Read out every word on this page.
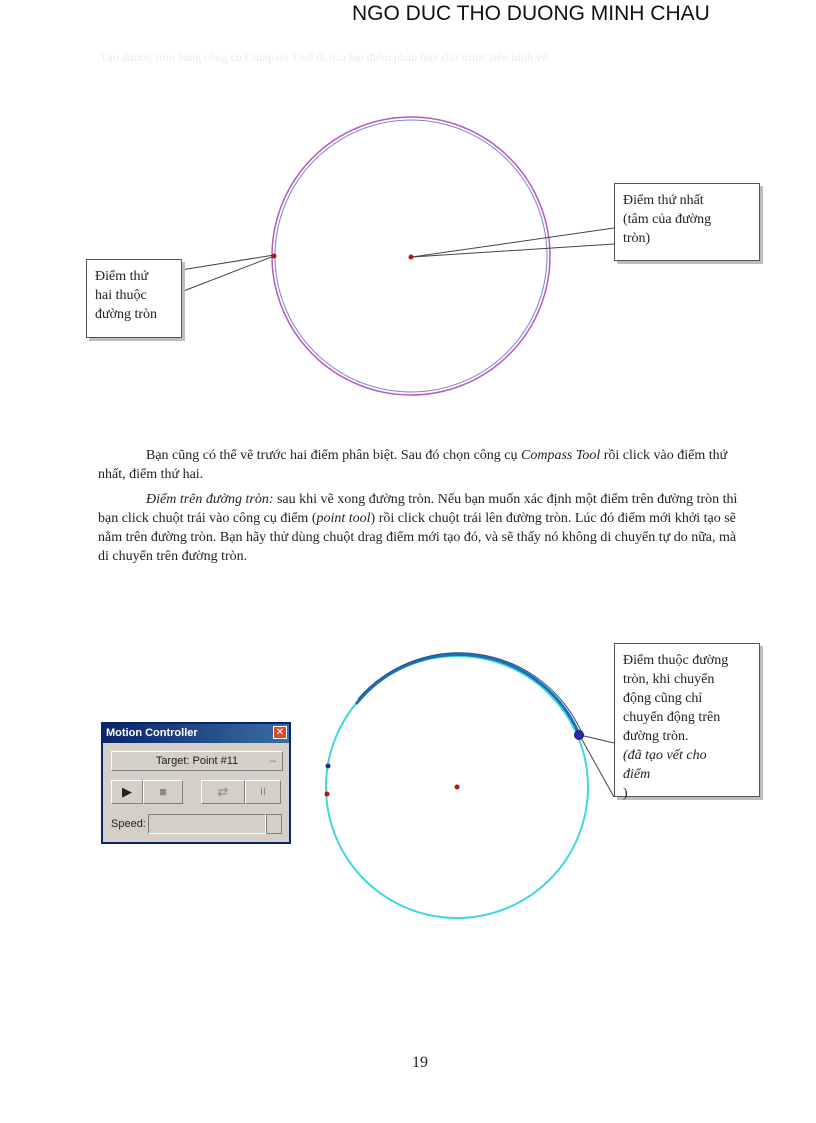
NGO DUC THO DUONG MINH CHAU
Tạo đường tròn bằng công cụ Compass Tool đi qua hai điểm phân biệt cho trước trên hình vẽ
Điểm thứ nhất
(tâm của đường
tròn)
Điểm thứ
hai thuộc
đường tròn

Bạn cũng có thể vẽ trước hai điểm phân biệt. Sau đó chọn công cụ Compass Tool rồi click vào điểm thứ nhất, điểm thứ hai.

Điểm trên đường tròn: sau khi vẽ xong đường tròn. Nếu bạn muốn xác định một điểm trên đường tròn thì bạn click chuột trái vào công cụ điểm (point tool) rồi click chuột trái lên đường tròn. Lúc đó điểm mới khởi tạo sẽ nằm trên đường tròn. Bạn hãy thử dùng chuột drag điểm mới tạo đó, và sẽ thấy nó không di chuyển tự do nữa, mà di chuyển trên đường tròn.

Điểm thuộc đường
tròn, khi chuyển
động cũng chỉ
chuyển động trên
đường tròn.
(đã tạo vết cho
điểm
)
Motion Controller	✕
Target: Point #11	–
▶	■	⇄	II
Speed:
19
